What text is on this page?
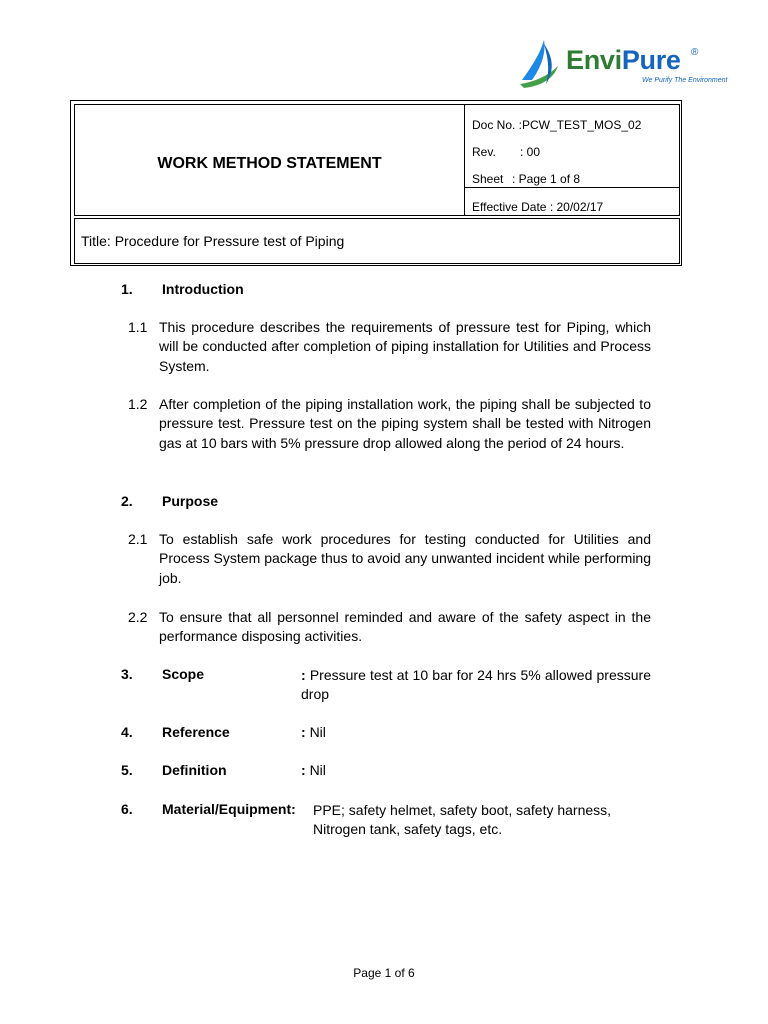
EnviPure ®
We Purify The Environment
WORK METHOD STATEMENT
Doc No. :PCW_TEST_MOS_02
Rev. : 00
Sheet : Page 1 of 8
Effective Date : 20/02/17
Title: Procedure for Pressure test of Piping
1. Introduction
1.1 This procedure describes the requirements of pressure test for Piping, which will be conducted after completion of piping installation for Utilities and Process System.
1.2 After completion of the piping installation work, the piping shall be subjected to pressure test. Pressure test on the piping system shall be tested with Nitrogen gas at 10 bars with 5% pressure drop allowed along the period of 24 hours.
2. Purpose
2.1 To establish safe work procedures for testing conducted for Utilities and Process System package thus to avoid any unwanted incident while performing job.
2.2 To ensure that all personnel reminded and aware of the safety aspect in the performance disposing activities.
3. Scope	: Pressure test at 10 bar for 24 hrs 5% allowed pressure drop
4. Reference	: Nil
5. Definition	: Nil
6. Material/Equipment: PPE; safety helmet, safety boot, safety harness, Nitrogen tank, safety tags, etc.
Page 1 of 6
